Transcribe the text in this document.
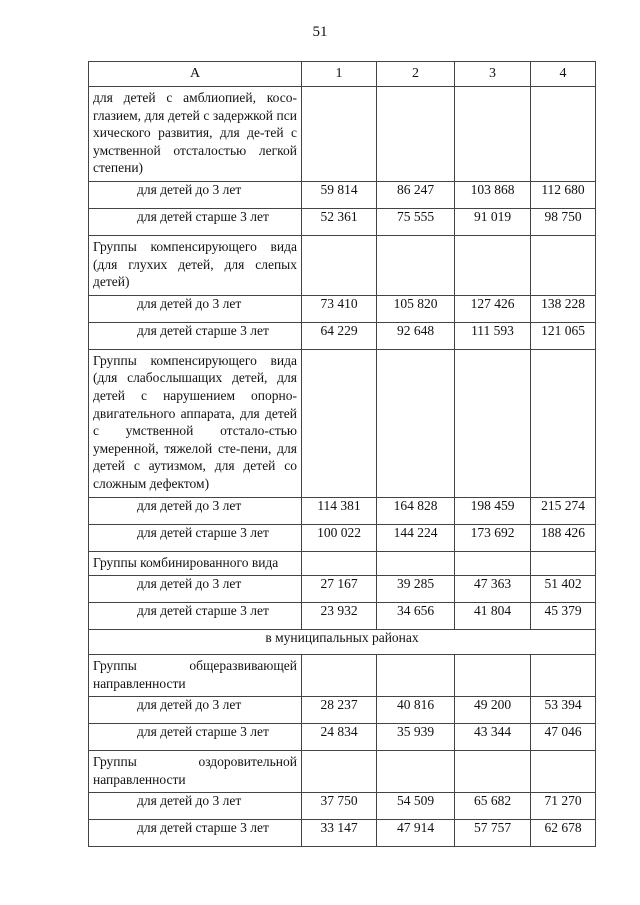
51
А	1	2	3	4
для детей с амблиопией, косо-глазием, для детей с задержкой пси хического развития, для де-тей с умственной отсталостью легкой степени)				
для детей до 3 лет	59 814	86 247	103 868	112 680
для детей старше 3 лет	52 361	75 555	91 019	98 750
Группы компенсирующего вида (для глухих детей, для слепых детей)				
для детей до 3 лет	73 410	105 820	127 426	138 228
для детей старше 3 лет	64 229	92 648	111 593	121 065
Группы компенсирующего вида (для слабослышащих детей, для детей с нарушением опорно-двигательного аппарата, для детей с умственной отстало-стью умеренной, тяжелой сте-пени, для детей с аутизмом, для детей со сложным дефектом)				
для детей до 3 лет	114 381	164 828	198 459	215 274
для детей старше 3 лет	100 022	144 224	173 692	188 426
Группы комбинированного вида				
для детей до 3 лет	27 167	39 285	47 363	51 402
для детей старше 3 лет	23 932	34 656	41 804	45 379
в муниципальных районах				
Группы общеразвивающей направленности				
для детей до 3 лет	28 237	40 816	49 200	53 394
для детей старше 3 лет	24 834	35 939	43 344	47 046
Группы оздоровительной направленности				
для детей до 3 лет	37 750	54 509	65 682	71 270
для детей старше 3 лет	33 147	47 914	57 757	62 678
